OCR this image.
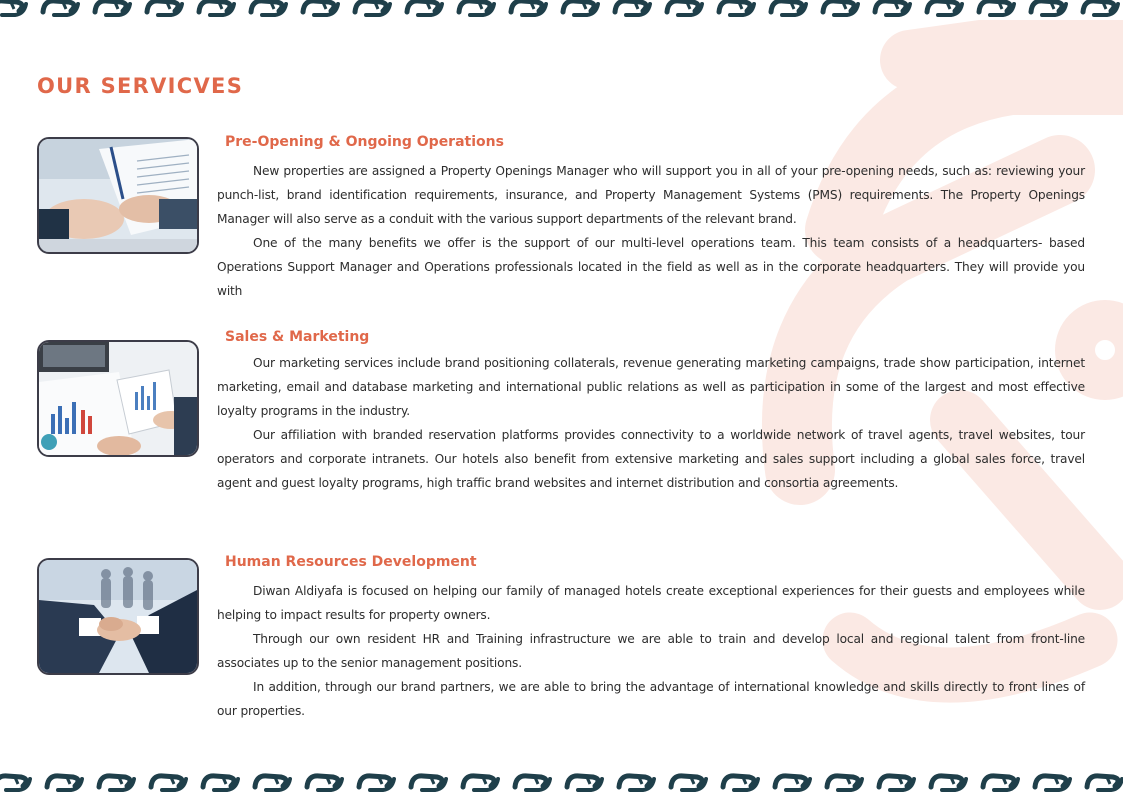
OUR SERVICVES
Pre-Opening & Ongoing Operations

New properties are assigned a Property Openings Manager who will support you in all of your pre-opening needs, such as: reviewing your punch-list, brand identification requirements, insurance, and Property Management Systems (PMS) requirements. The Property Openings Manager will also serve as a conduit with the various support departments of the relevant brand.

One of the many benefits we offer is the support of our multi-level operations team. This team consists of a headquarters- based Operations Support Manager and Operations professionals located in the field as well as in the corporate headquarters. They will provide you with

Sales & Marketing

Our marketing services include brand positioning collaterals, revenue generating marketing campaigns, trade show participation, internet marketing, email and database marketing and international public relations as well as participation in some of the largest and most effective loyalty programs in the industry.

Our affiliation with branded reservation platforms provides connectivity to a worldwide network of travel agents, travel websites, tour operators and corporate intranets. Our hotels also benefit from extensive marketing and sales support including a global sales force, travel agent and guest loyalty programs, high traffic brand websites and internet distribution and consortia agreements.

Human Resources Development

Diwan Aldiyafa is focused on helping our family of managed hotels create exceptional experiences for their guests and employees while helping to impact results for property owners.

Through our own resident HR and Training infrastructure we are able to train and develop local and regional talent from front-line associates up to the senior management positions.

In addition, through our brand partners, we are able to bring the advantage of international knowledge and skills directly to front lines of our properties.
